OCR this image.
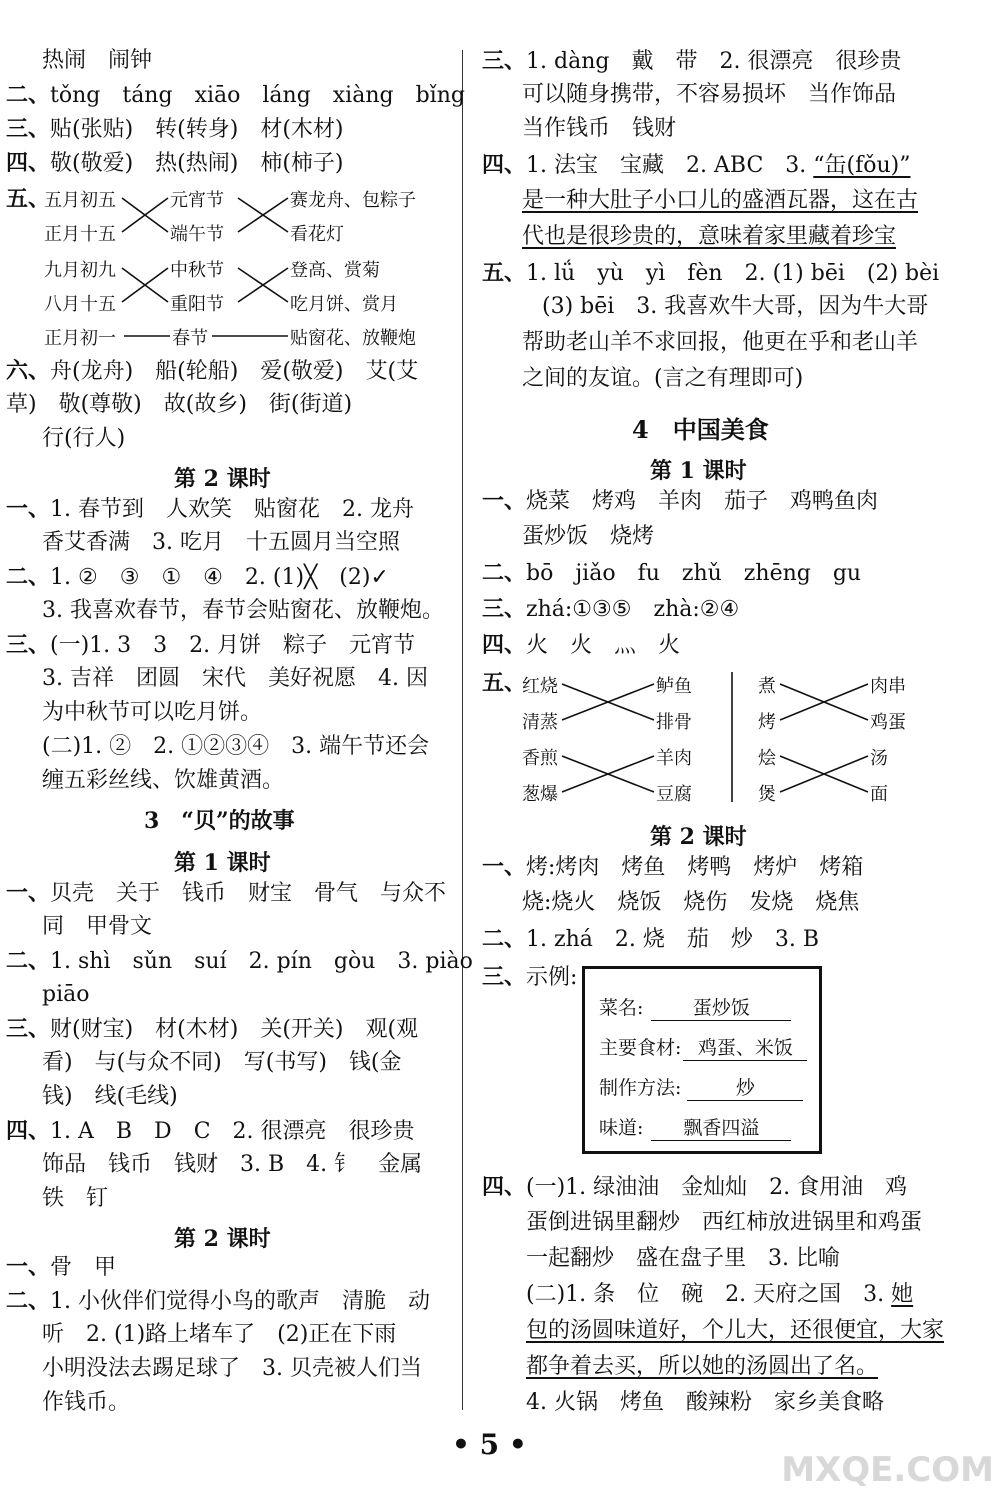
热闹　闹钟
二、tǒng　táng　xiāo　láng　xiàng　bǐng
三、贴(张贴)　转(转身)　材(木材)
四、敬(敬爱)　热(热闹)　柿(柿子)
五、
五月初五
正月十五
九月初九
八月十五
正月初一
元宵节
端午节
中秋节
重阳节
春节
赛龙舟、包粽子
看花灯
登高、赏菊
吃月饼、赏月
贴窗花、放鞭炮
六、舟(龙舟)　船(轮船)　爱(敬爱)　艾(艾
草)　敬(尊敬)　故(故乡)　街(街道)
行(行人)
第 2 课时
一、1. 春节到　人欢笑　贴窗花　2. 龙舟
香艾香满　3. 吃月　十五圆月当空照
二、1. ②　③　①　④　2. (1)╳　(2)✓
3. 我喜欢春节，春节会贴窗花、放鞭炮。
三、(一)1. 3　3　2. 月饼　粽子　元宵节
3. 吉祥　团圆　宋代　美好祝愿　4. 因
为中秋节可以吃月饼。
(二)1. ②　2. ①②③④　3. 端午节还会
缠五彩丝线、饮雄黄酒。
3　“贝”的故事
第 1 课时
一、贝壳　关于　钱币　财宝　骨气　与众不
同　甲骨文
二、1. shì　sǔn　suí　2. pín　gòu　3. piào
piāo
三、财(财宝)　材(木材)　关(开关)　观(观
看)　与(与众不同)　写(书写)　钱(金
钱)　线(毛线)
四、1. A　B　D　C　2. 很漂亮　很珍贵
饰品　钱币　钱财　3. B　4. 钅　金属
铁　钉
第 2 课时
一、骨　甲
二、1. 小伙伴们觉得小鸟的歌声　清脆　动
听　2. (1)路上堵车了　(2)正在下雨
小明没法去踢足球了　3. 贝壳被人们当
作钱币。
三、1. dàng　戴　带　2. 很漂亮　很珍贵
可以随身携带，不容易损坏　当作饰品
当作钱币　钱财
四、1. 法宝　宝藏　2. ABC　3. “缶(fǒu)”
是一种大肚子小口儿的盛酒瓦器，这在古
代也是很珍贵的，意味着家里藏着珍宝
五、1. lǘ　yù　yì　fèn　2. (1) bēi　(2) bèi
(3) bēi　3. 我喜欢牛大哥，因为牛大哥
帮助老山羊不求回报，他更在乎和老山羊
之间的友谊。(言之有理即可)
4　中国美食
第 1 课时
一、烧菜　烤鸡　羊肉　茄子　鸡鸭鱼肉
蛋炒饭　烧烤
二、bō　jiǎo　fu　zhǔ　zhēng　gu
三、zhá:①③⑤　zhà:②④
四、火　火　灬　火
五、
红烧
清蒸
香煎
葱爆
鲈鱼
排骨
羊肉
豆腐
煮
烤
烩
煲
肉串
鸡蛋
汤
面
第 2 课时
一、烤:烤肉　烤鱼　烤鸭　烤炉　烤箱
烧:烧火　烧饭　烧伤　发烧　烧焦
二、1. zhá　2. 烧　茄　炒　3. B
三、示例:
菜名:	蛋炒饭
主要食材: 鸡蛋、米饭
制作方法:	炒
味道: 飘香四溢
四、(一)1. 绿油油　金灿灿　2. 食用油　鸡
蛋倒进锅里翻炒　西红柿放进锅里和鸡蛋
一起翻炒　盛在盘子里　3. 比喻
(二)1. 条　位　碗　2. 天府之国　3. 她
包的汤圆味道好，个儿大，还很便宜，大家
都争着去买，所以她的汤圆出了名。
4. 火锅　烤鱼　酸辣粉　家乡美食略
• 5 •
MXQE.COM
